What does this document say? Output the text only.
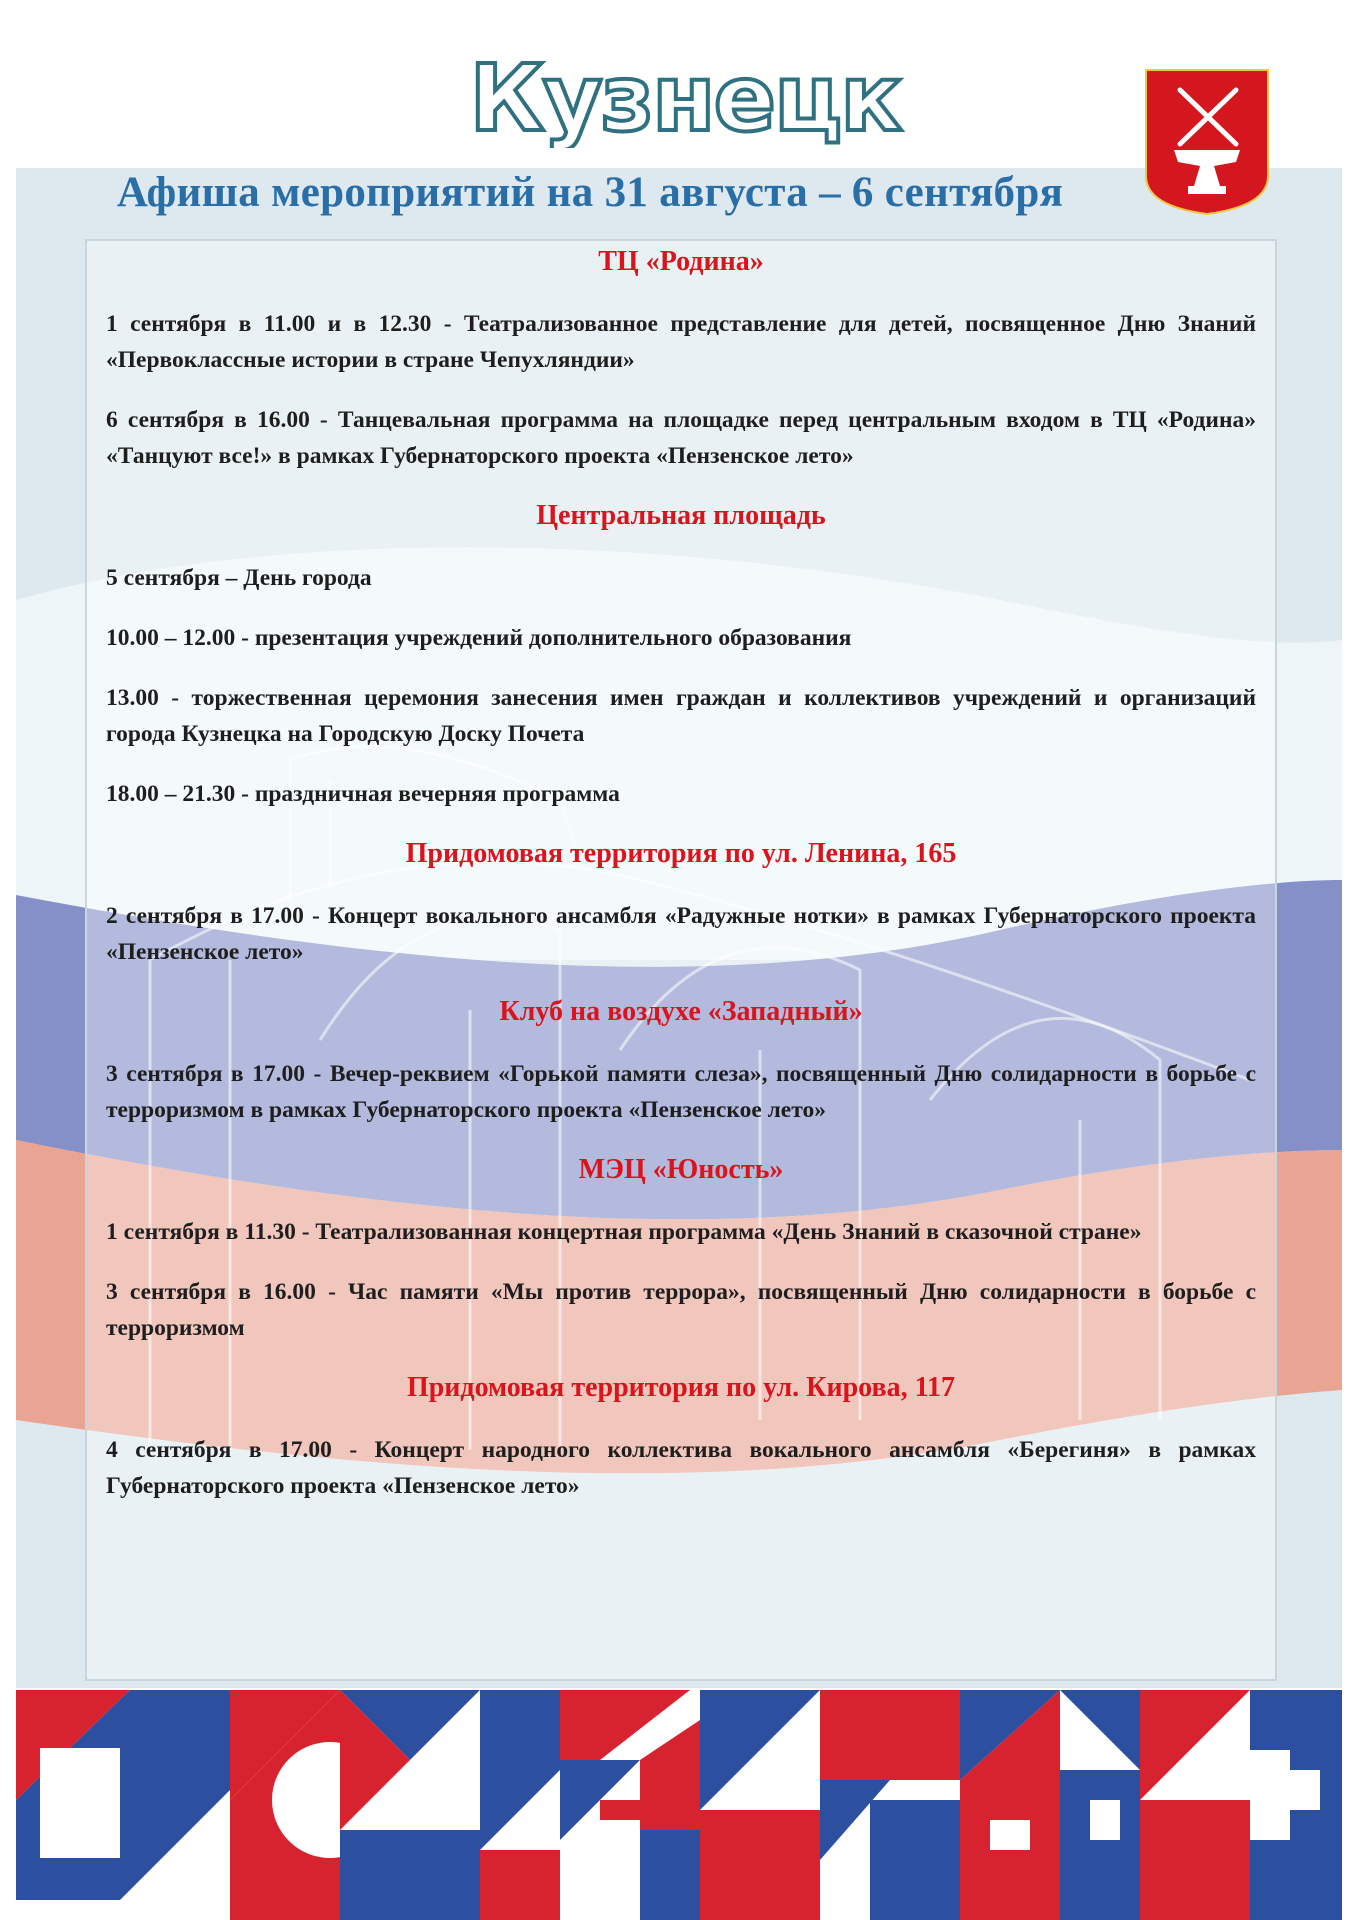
Кузнецк
Афиша мероприятий на 31 августа – 6 сентября
ТЦ «Родина»

1 сентября в 11.00 и в 12.30 - Театрализованное представление для детей, посвященное Дню Знаний «Первоклассные истории в стране Чепухляндии»

6 сентября в 16.00 - Танцевальная программа на площадке перед центральным входом в ТЦ «Родина» «Танцуют все!» в рамках Губернаторского проекта «Пензенское лето»

Центральная площадь

5 сентября – День города

10.00 – 12.00 - презентация учреждений дополнительного образования

13.00 - торжественная церемония занесения имен граждан и коллективов учреждений и организаций города Кузнецка на Городскую Доску Почета

18.00 – 21.30 - праздничная вечерняя программа

Придомовая территория по ул. Ленина, 165

2 сентября в 17.00 - Концерт вокального ансамбля «Радужные нотки» в рамках Губернаторского проекта «Пензенское лето»

Клуб на воздухе «Западный»

3 сентября в 17.00 - Вечер-реквием «Горькой памяти слеза», посвященный Дню солидарности в борьбе с терроризмом в рамках Губернаторского проекта «Пензенское лето»

МЭЦ «Юность»

1 сентября в 11.30 - Театрализованная концертная программа «День Знаний в сказочной стране»

3 сентября в 16.00 - Час памяти «Мы против террора», посвященный Дню солидарности в борьбе с терроризмом

Придомовая территория по ул. Кирова, 117

4 сентября в 17.00 - Концерт народного коллектива вокального ансамбля «Берегиня» в рамках Губернаторского проекта «Пензенское лето»
